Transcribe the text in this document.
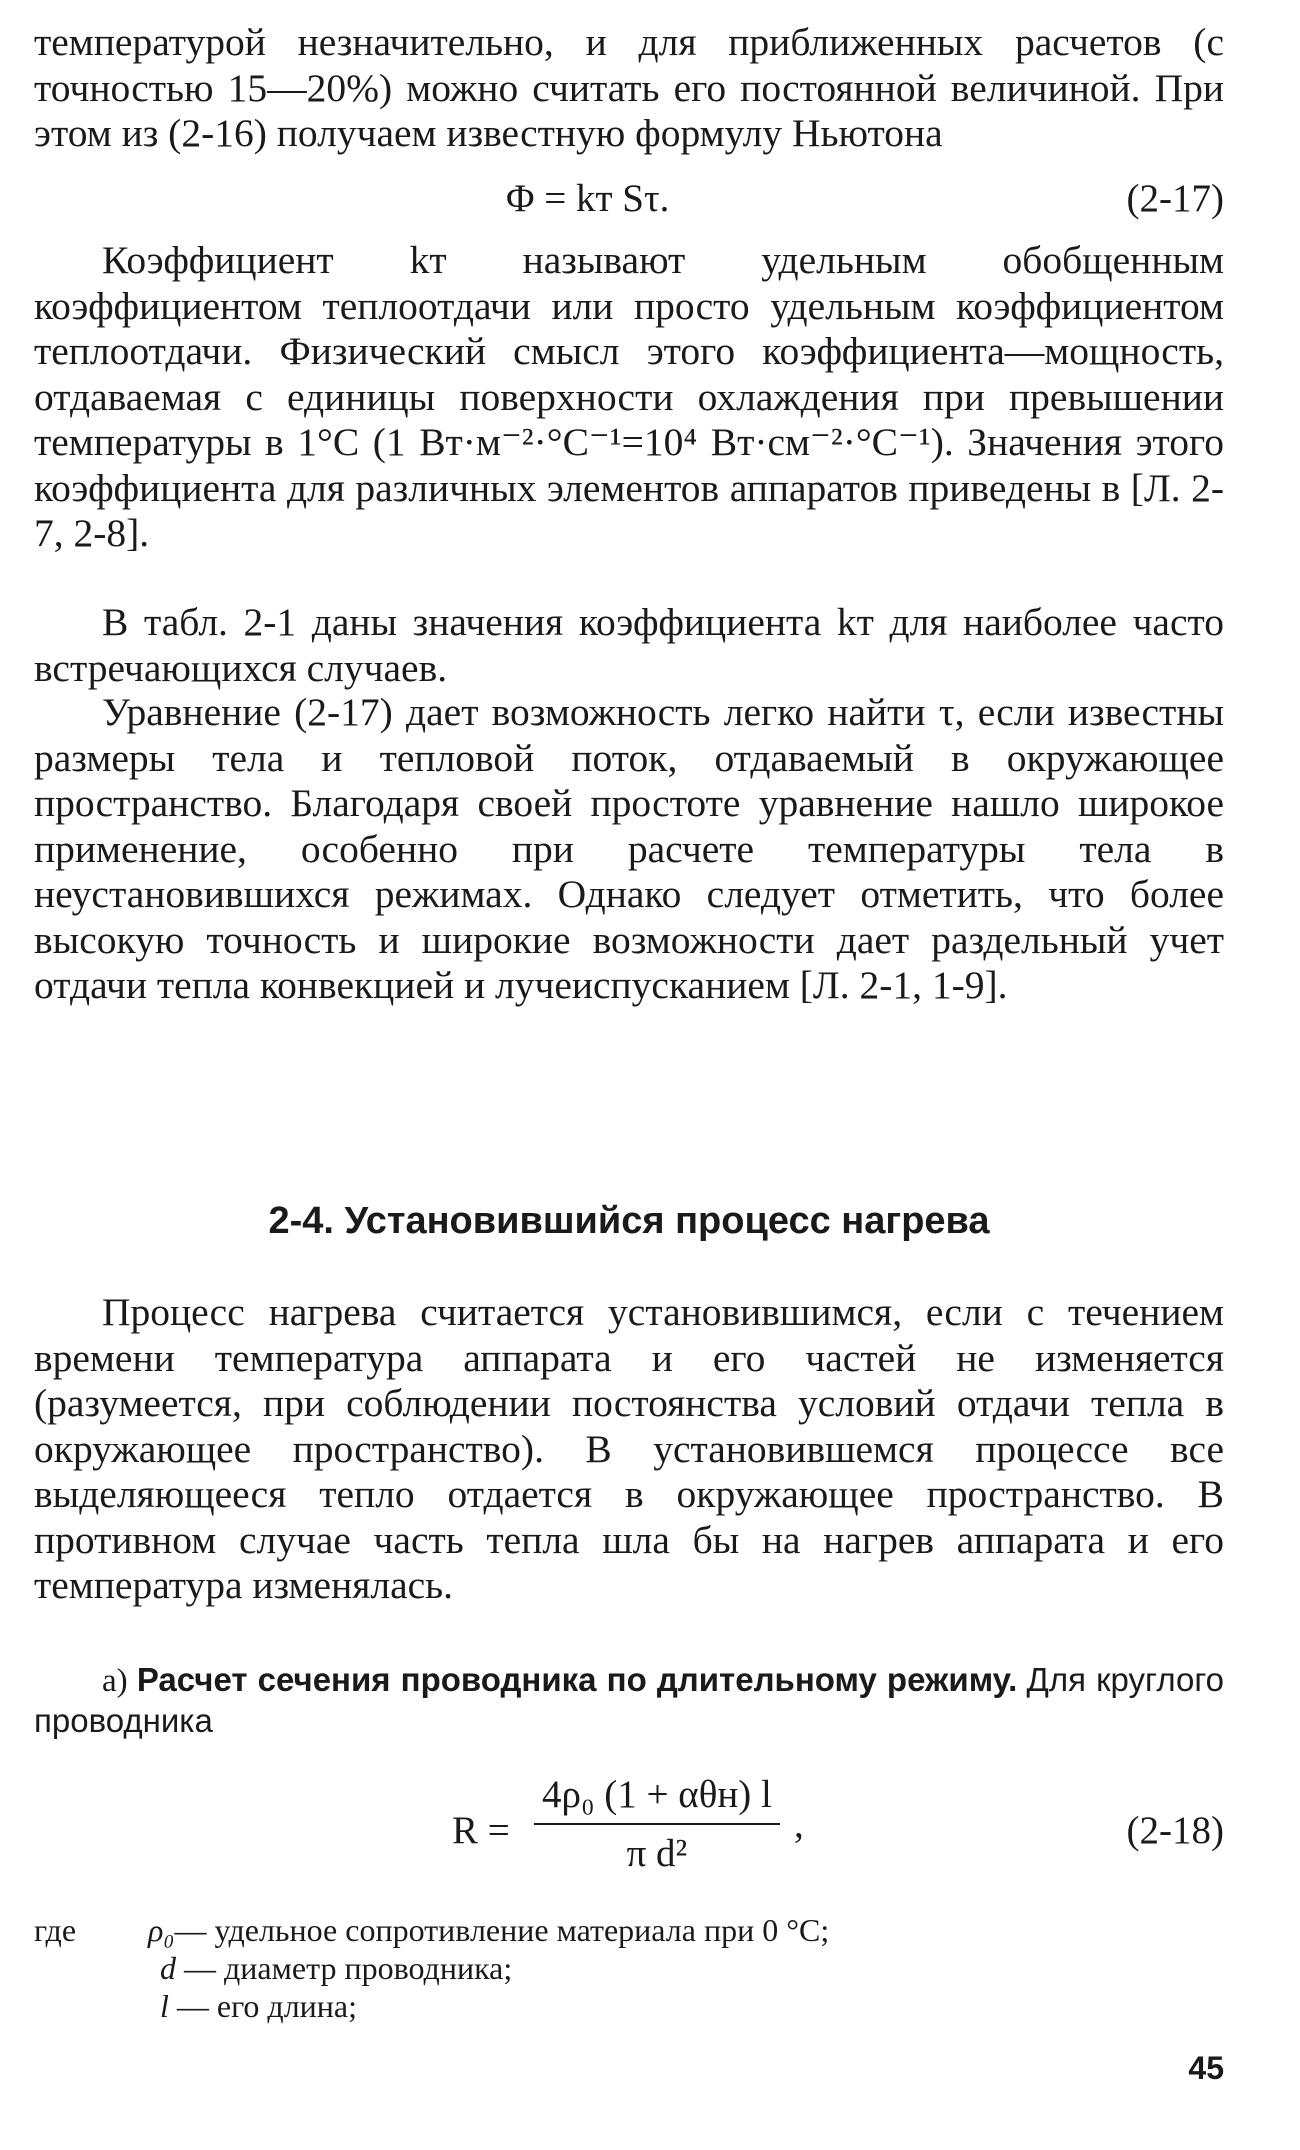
температурой незначительно, и для приближенных расчетов (с точностью 15—20%) можно считать его постоянной величиной. При этом из (2-16) получаем известную формулу Ньютона
Φ = kт Sτ.	(2-17)
Коэффициент kт называют удельным обобщенным коэффициентом теплоотдачи или просто удельным коэффициентом теплоотдачи. Физический смысл этого коэффициента—мощность, отдаваемая с единицы поверхности охлаждения при превышении температуры в 1°С (1 Вт·м⁻²·°С⁻¹=10⁴ Вт·см⁻²·°С⁻¹). Значения этого коэффициента для различных элементов аппаратов приведены в [Л. 2-7, 2-8].
В табл. 2-1 даны значения коэффициента kт для наиболее часто встречающихся случаев.
Уравнение (2-17) дает возможность легко найти τ, если известны размеры тела и тепловой поток, отдаваемый в окружающее пространство. Благодаря своей простоте уравнение нашло широкое применение, особенно при расчете температуры тела в неустановившихся режимах. Однако следует отметить, что более высокую точность и широкие возможности дает раздельный учет отдачи тепла конвекцией и лучеиспусканием [Л. 2-1, 1-9].
2-4. Установившийся процесс нагрева
Процесс нагрева считается установившимся, если с течением времени температура аппарата и его частей не изменяется (разумеется, при соблюдении постоянства условий отдачи тепла в окружающее пространство). В установившемся процессе все выделяющееся тепло отдается в окружающее пространство. В противном случае часть тепла шла бы на нагрев аппарата и его температура изменялась.
а) Расчет сечения проводника по длительному режиму. Для круглого проводника
R =
4ρ₀ (1 + αθн) l
π d²
,	(2-18)
где ρ₀— удельное сопротивление материала при 0 °С;
d — диаметр проводника;
l — его длина;
45
